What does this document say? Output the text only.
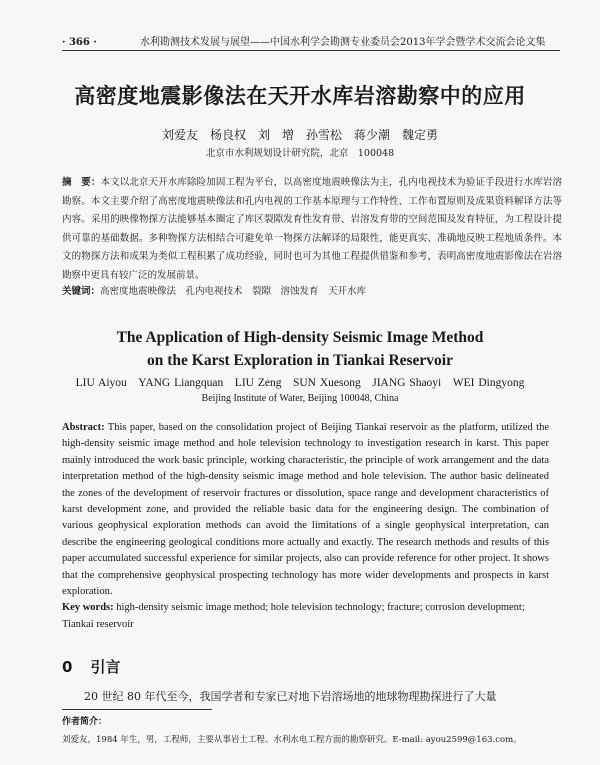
· 366 ·	水利勘测技术发展与展望——中国水利学会勘测专业委员会2013年学会暨学术交流会论文集
高密度地震影像法在天开水库岩溶勘察中的应用
刘爱友　杨良权　刘　增　孙雪松　蒋少潮　魏定勇
北京市水利规划设计研究院，北京　100048
摘　要：本文以北京天开水库除险加固工程为平台，以高密度地震映像法为主，孔内电视技术为验证手段进行水库岩溶勘察。本文主要介绍了高密度地震映像法和孔内电视的工作基本原理与工作特性、工作布置原则及成果资料解译方法等内容。采用的映像物探方法能够基本圈定了库区裂隙发育性发育带、岩溶发育带的空间范围及发育特征，为工程设计提供可靠的基础数据。多种物探方法相结合可避免单一物探方法解译的局限性，能更真实、准确地反映工程地质条件。本文的物探方法和成果为类似工程积累了成功经验，同时也可为其他工程提供借鉴和参考，表明高密度地震影像法在岩溶勘察中更具有较广泛的发展前景。
关键词：高密度地震映像法　孔内电视技术　裂隙　溶蚀发育　天开水库
The Application of High-density Seismic Image Method
on the Karst Exploration in Tiankai Reservoir
LIU Aiyou　YANG Liangquan　LIU Zeng　SUN Xuesong　JIANG Shaoyi　WEI Dingyong
Beijing Institute of Water, Beijing 100048, China
Abstract: This paper, based on the consolidation project of Beijing Tiankai reservoir as the platform, utilized the high-density seismic image method and hole television technology to investigation research in karst. This paper mainly introduced the work basic principle, working characteristic, the principle of work arrangement and the data interpretation method of the high-density seismic image method and hole television. The author basic delineated the zones of the development of reservoir fractures or dissolution, space range and development characteristics of karst development zone, and provided the reliable basic data for the engineering design. The combination of various geophysical exploration methods can avoid the limitations of a single geophysical interpretation, can describe the engineering geological conditions more actually and exactly. The research methods and results of this paper accumulated successful experience for similar projects, also can provide reference for other project. It shows that the comprehensive geophysical prospecting technology has more wider developments and prospects in karst exploration.
Key words: high-density seismic image method; hole television technology; fracture; corrosion development; Tiankai reservoir
0 引言
20 世纪 80 年代至今，我国学者和专家已对地下岩溶场地的地球物理勘探进行了大量
作者简介：
刘爱友，1984 年生，男，工程师，主要从事岩土工程、水利水电工程方面的勘察研究。E-mail: ayou2599@163.com。
